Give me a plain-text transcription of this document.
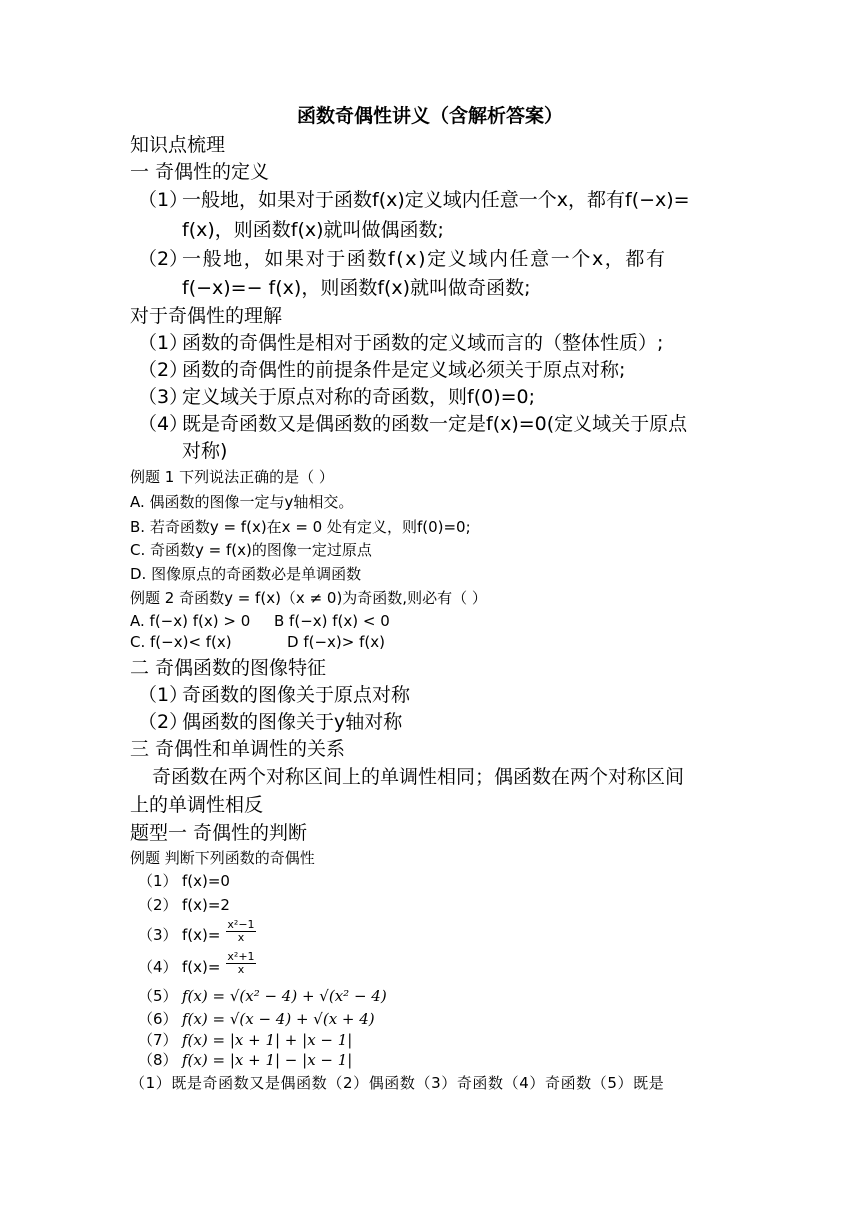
函数奇偶性讲义（含解析答案）
知识点梳理
一 奇偶性的定义
（1）
一般地，如果对于函数f(x)定义域内任意一个x，都有f(−x)=
f(x)，则函数f(x)就叫做偶函数;
（2）
一般地，如果对于函数f(x)定义域内任意一个x，都有
f(−x)=− f(x)，则函数f(x)就叫做奇函数;
对于奇偶性的理解
（1）
函数的奇偶性是相对于函数的定义域而言的（整体性质）;
（2）
函数的奇偶性的前提条件是定义域必须关于原点对称;
（3）
定义域关于原点对称的奇函数，则f(0)=0;
（4）
既是奇函数又是偶函数的函数一定是f(x)=0(定义域关于原点
对称)
例题 1 下列说法正确的是（ ）
A. 偶函数的图像一定与y轴相交。
B. 若奇函数y = f(x)在x = 0 处有定义，则f(0)=0;
C. 奇函数y = f(x)的图像一定过原点
D. 图像原点的奇函数必是单调函数
例题 2 奇函数y = f(x)（x ≠ 0)为奇函数,则必有（ ）
A. f(−x) f(x) > 0 B f(−x) f(x) < 0
C. f(−x)< f(x)	D f(−x)> f(x)
二 奇偶函数的图像特征
（1）
奇函数的图像关于原点对称
（2）
偶函数的图像关于y轴对称
三 奇偶性和单调性的关系
奇函数在两个对称区间上的单调性相同；偶函数在两个对称区间
上的单调性相反
题型一 奇偶性的判断
例题 判断下列函数的奇偶性
（1） f(x)=0
（2） f(x)=2
（3） $f(x)= \frac{\text{x²−1}}{x}$
（4） $f(x)= \frac{\text{x²+1}}{x}$
（5） f(x) = √(x² − 4) + √(x² − 4)
（6） f(x) = √(x − 4) + √(x + 4)
（7） f(x) = |x + 1| + |x − 1|
（8） f(x) = |x + 1| − |x − 1|
（1）既是奇函数又是偶函数（2）偶函数（3）奇函数（4）奇函数（5）既是
